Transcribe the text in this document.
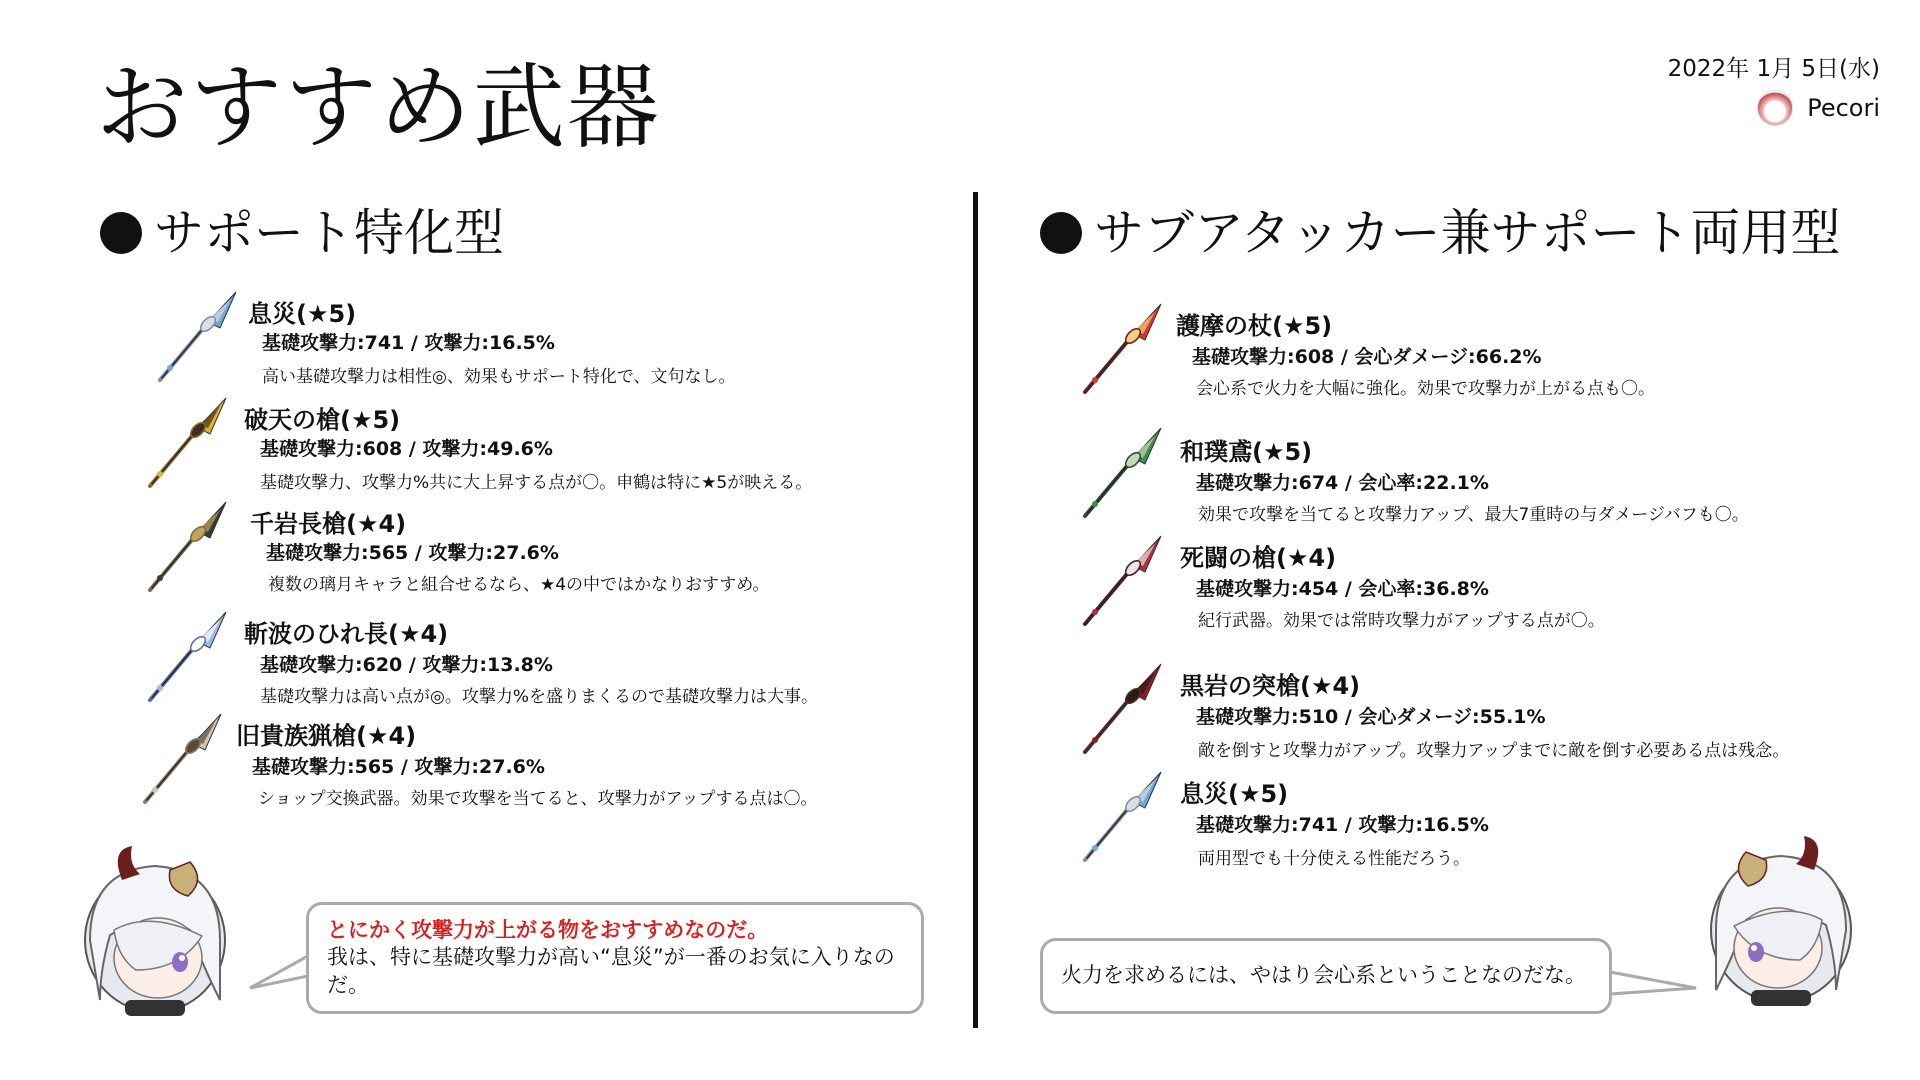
おすすめ武器	2022年 1月 5日(水)
Pecori
サポート特化型	サブアタッカー兼サポート両用型
息災(★5)
基礎攻撃力:741 / 攻撃力:16.5%
高い基礎攻撃力は相性◎、効果もサポート特化で、文句なし。
破天の槍(★5)
基礎攻撃力:608 / 攻撃力:49.6%
基礎攻撃力、攻撃力%共に大上昇する点が〇。申鶴は特に★5が映える。
千岩長槍(★4)
基礎攻撃力:565 / 攻撃力:27.6%
複数の璃月キャラと組合せるなら、★4の中ではかなりおすすめ。
斬波のひれ長(★4)
基礎攻撃力:620 / 攻撃力:13.8%
基礎攻撃力は高い点が◎。攻撃力%を盛りまくるので基礎攻撃力は大事。
旧貴族猟槍(★4)
基礎攻撃力:565 / 攻撃力:27.6%
ショップ交換武器。効果で攻撃を当てると、攻撃力がアップする点は〇。
護摩の杖(★5)
基礎攻撃力:608 / 会心ダメージ:66.2%
会心系で火力を大幅に強化。効果で攻撃力が上がる点も〇。
和璞鳶(★5)
基礎攻撃力:674 / 会心率:22.1%
効果で攻撃を当てると攻撃力アップ、最大7重時の与ダメージバフも〇。
死闘の槍(★4)
基礎攻撃力:454 / 会心率:36.8%
紀行武器。効果では常時攻撃力がアップする点が〇。
黒岩の突槍(★4)
基礎攻撃力:510 / 会心ダメージ:55.1%
敵を倒すと攻撃力がアップ。攻撃力アップまでに敵を倒す必要ある点は残念。
息災(★5)
基礎攻撃力:741 / 攻撃力:16.5%
両用型でも十分使える性能だろう。
とにかく攻撃力が上がる物をおすすめなのだ。
我は、特に基礎攻撃力が高い“息災”が一番のお気に入りなのだ。	火力を求めるには、やはり会心系ということなのだな。
